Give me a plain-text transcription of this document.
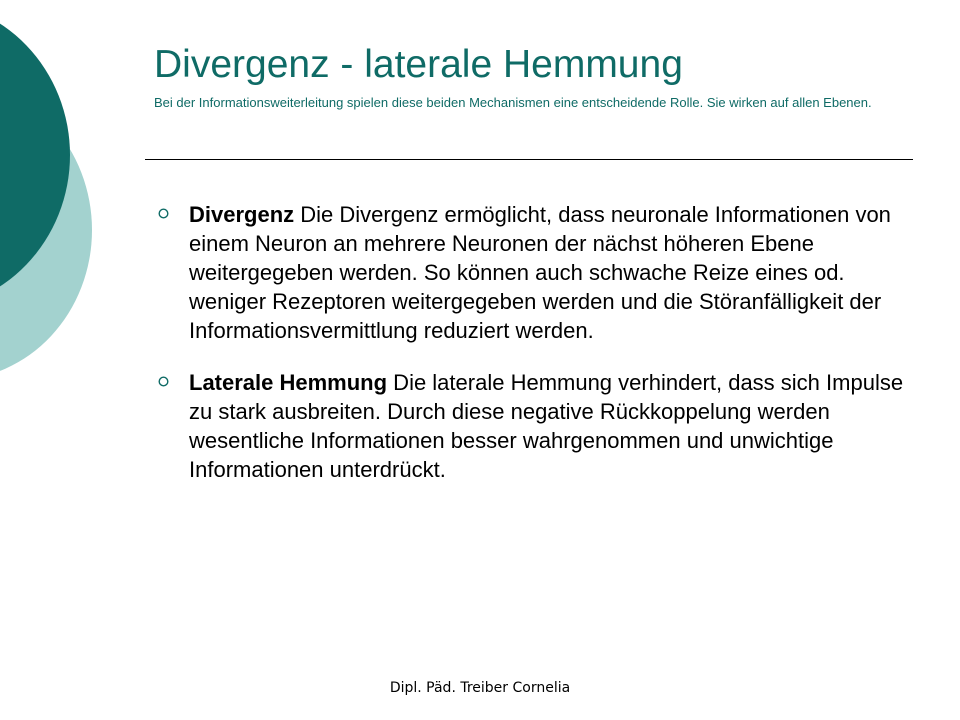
Divergenz - laterale Hemmung
Bei der Informationsweiterleitung spielen diese beiden Mechanismen eine entscheidende Rolle. Sie wirken auf allen Ebenen.
Divergenz Die Divergenz ermöglicht, dass neuronale Informationen von einem Neuron an mehrere Neuronen der nächst höheren Ebene weitergegeben werden. So können auch schwache Reize eines od. weniger Rezeptoren weitergegeben werden und die Störanfälligkeit der Informationsvermittlung reduziert werden.
Laterale Hemmung Die laterale Hemmung verhindert, dass sich Impulse zu stark ausbreiten. Durch diese negative Rückkoppelung werden wesentliche Informationen besser wahrgenommen und unwichtige Informationen unterdrückt.
Dipl. Päd. Treiber Cornelia
